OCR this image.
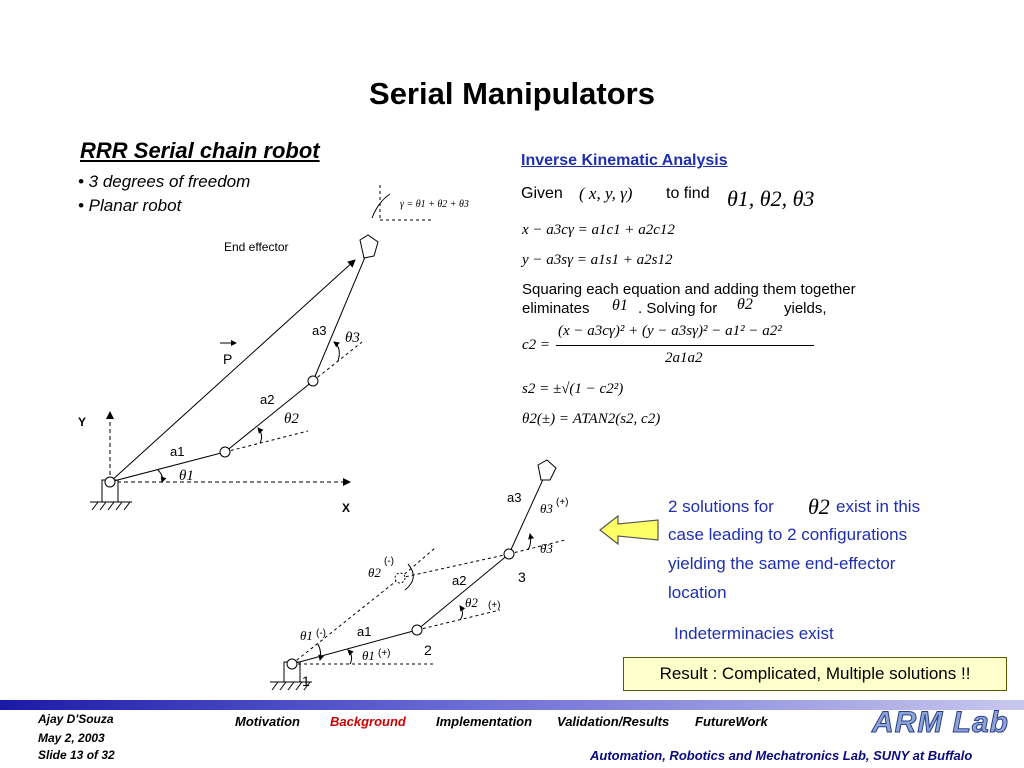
Serial Manipulators
RRR Serial chain robot
• 3 degrees of freedom
• Planar robot	γ = θ1 + θ2 + θ3
Y
X
End effector
P
a1
a2
a3
θ1
θ2
θ3
Inverse Kinematic Analysis
Given ( x, y, γ) to find θ1, θ2, θ3
x − a3cγ = a1c1 + a2c12
y − a3sγ = a1s1 + a2s12
Squaring each equation and adding them together
eliminates θ1 . Solving for θ2 yields,
c2 =
(x − a3cγ)² + (y − a3sγ)² − a1² − a2²
2a1a2
s2 = ±√(1 − c2²)
θ2(±) = ATAN2(s2, c2)
a1
a2
a3
1
2
3
θ1 (-)
θ1 (+)
θ2
(-)
θ2 (+)
θ3 (+)
θ3
2 solutions for θ2 exist in this
case leading to 2 configurations
yielding the same end-effector
location
Indeterminacies exist
Result : Complicated, Multiple solutions !!
Ajay D'Souza
May 2, 2003
Slide 13 of 32
Motivation Background Implementation Validation/Results FutureWork	ARM Lab
Automation, Robotics and Mechatronics Lab, SUNY at Buffalo
